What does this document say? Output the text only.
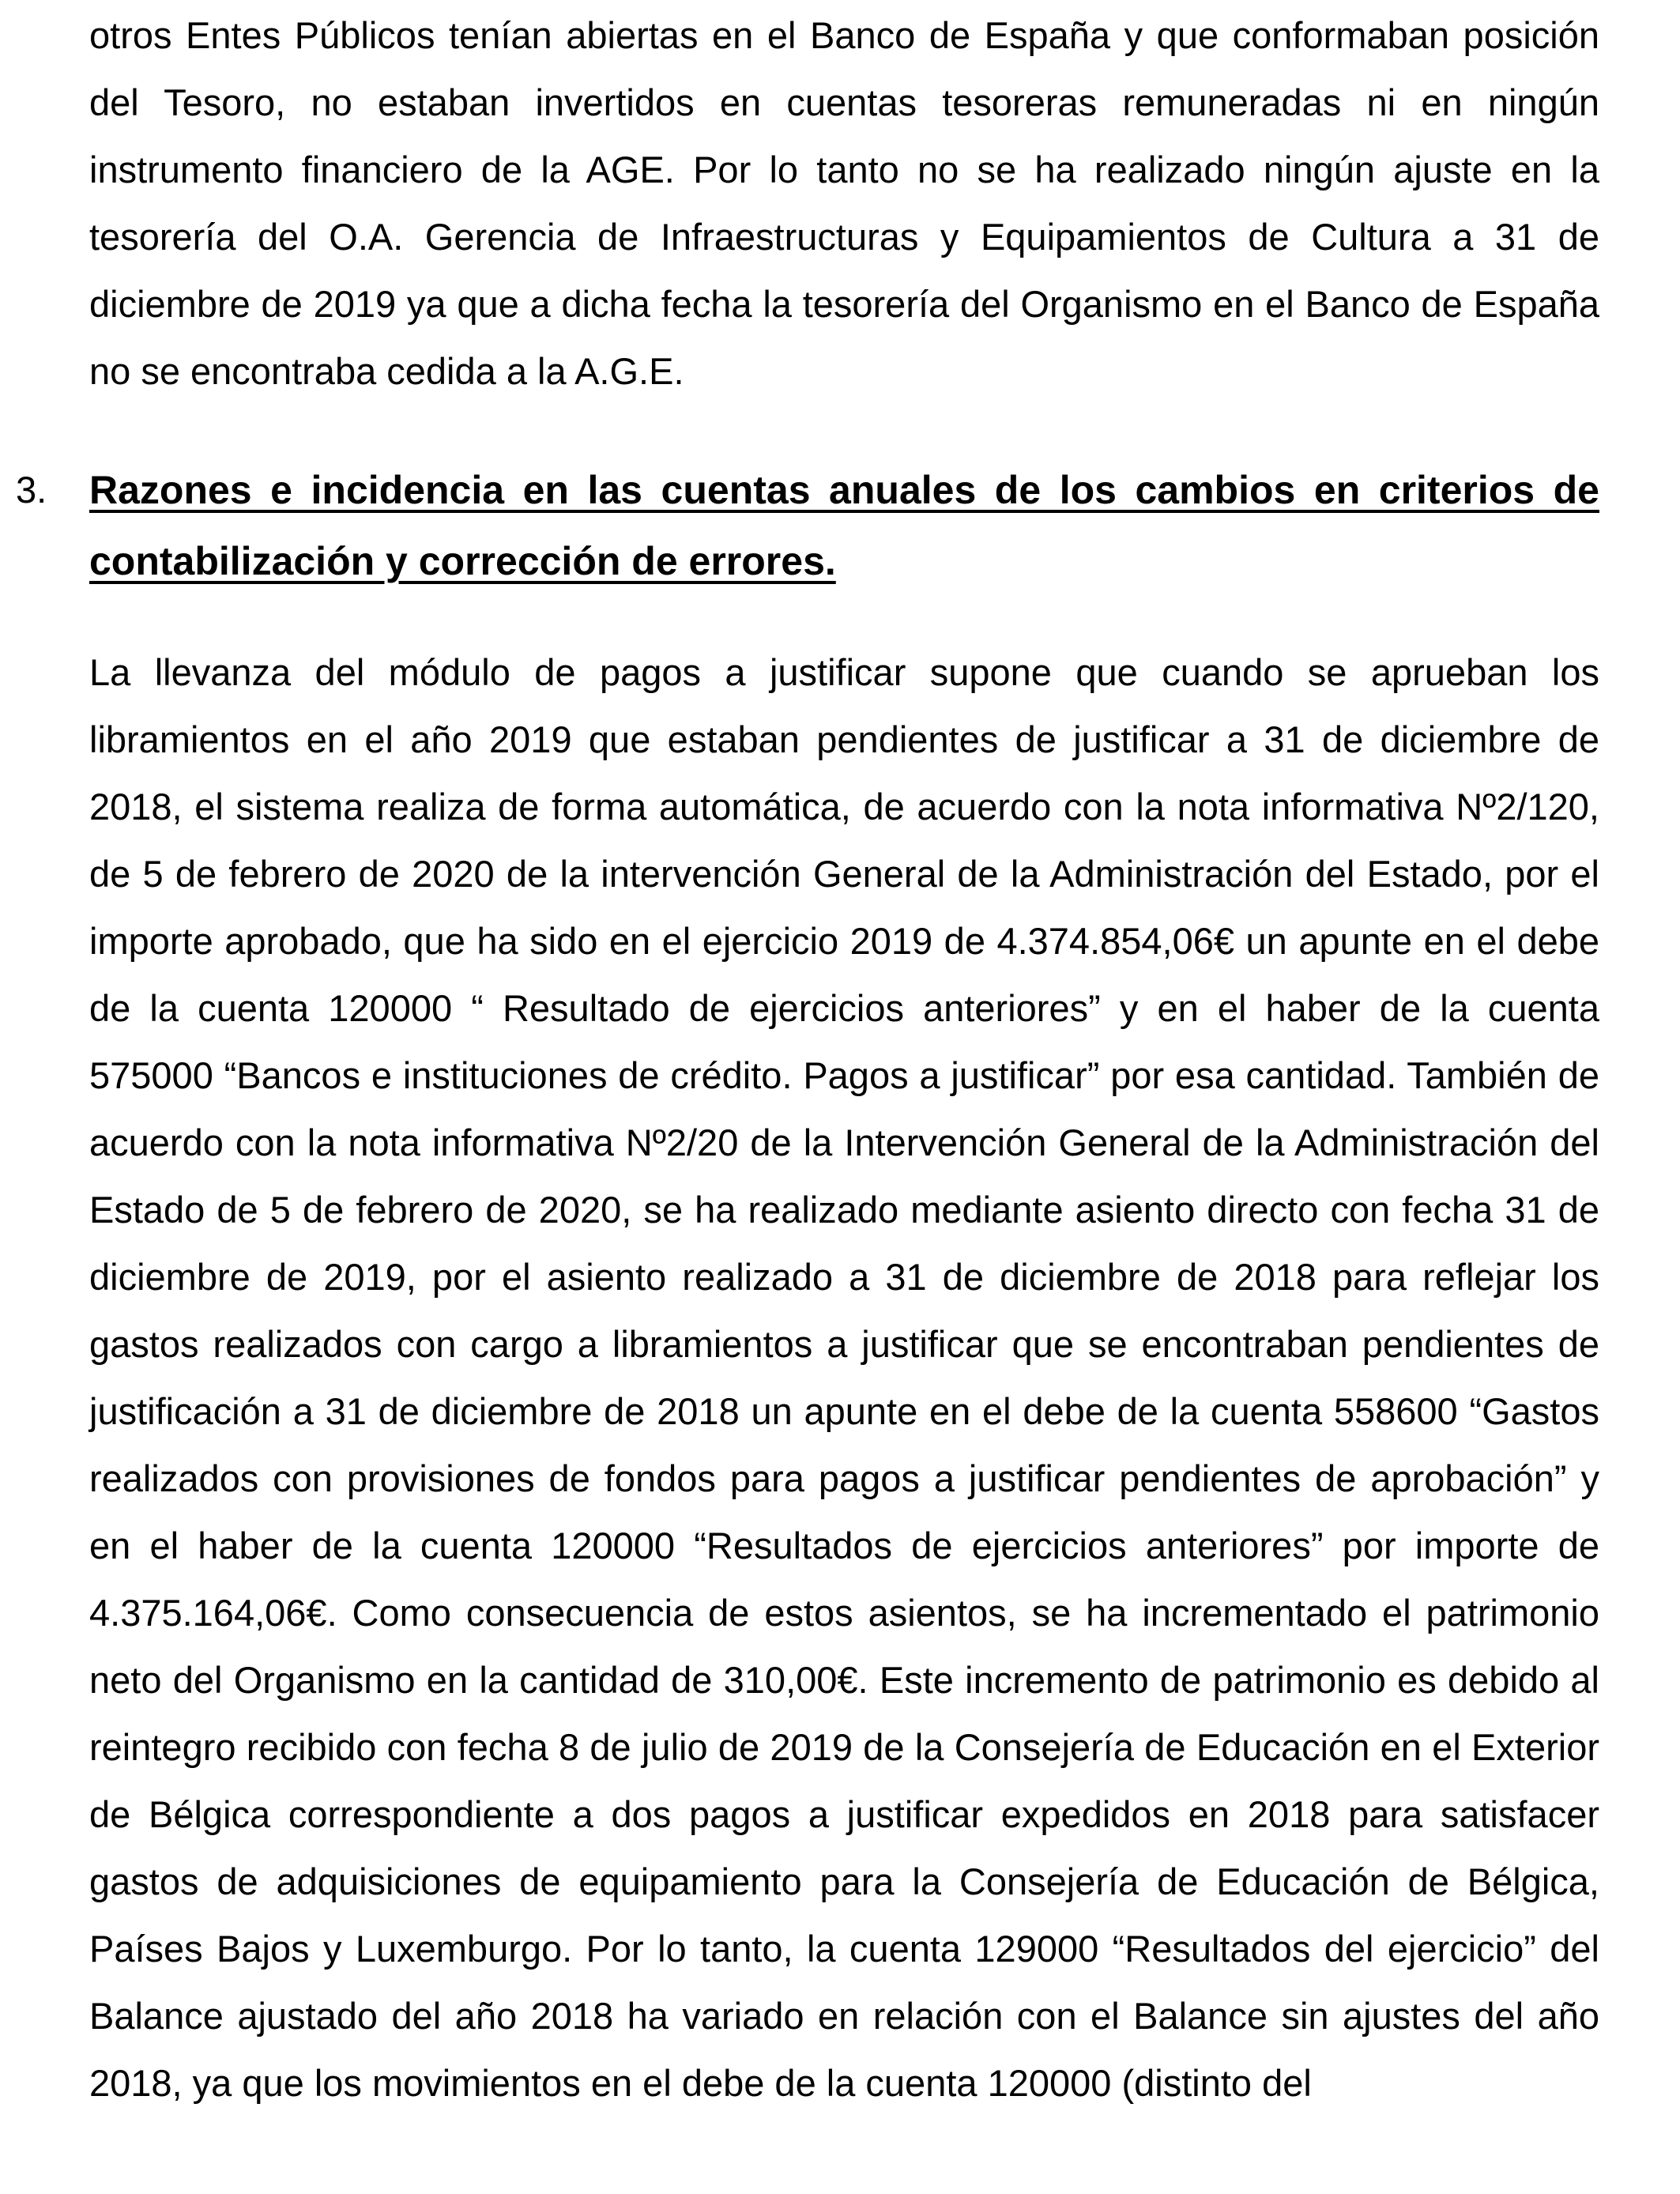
otros Entes Públicos tenían abiertas en el Banco de España y que conformaban posición del Tesoro, no estaban invertidos en cuentas tesoreras remuneradas ni en ningún instrumento financiero de la AGE. Por lo tanto no se ha realizado ningún ajuste en la tesorería del O.A. Gerencia de Infraestructuras y Equipamientos de Cultura a 31 de diciembre de 2019 ya que a dicha fecha la tesorería del Organismo en el Banco de España no se encontraba cedida a la A.G.E.

3. Razones e incidencia en las cuentas anuales de los cambios en criterios de contabilización y corrección de errores.

La llevanza del módulo de pagos a justificar supone que cuando se aprueban los libramientos en el año 2019 que estaban pendientes de justificar a 31 de diciembre de 2018, el sistema realiza de forma automática, de acuerdo con la nota informativa Nº2/120, de 5 de febrero de 2020 de la intervención General de la Administración del Estado, por el importe aprobado, que ha sido en el ejercicio 2019 de 4.374.854,06€ un apunte en el debe de la cuenta 120000 “ Resultado de ejercicios anteriores” y en el haber de la cuenta 575000 “Bancos e instituciones de crédito. Pagos a justificar” por esa cantidad. También de acuerdo con la nota informativa Nº2/20 de la Intervención General de la Administración del Estado de 5 de febrero de 2020, se ha realizado mediante asiento directo con fecha 31 de diciembre de 2019, por el asiento realizado a 31 de diciembre de 2018 para reflejar los gastos realizados con cargo a libramientos a justificar que se encontraban pendientes de justificación a 31 de diciembre de 2018 un apunte en el debe de la cuenta 558600 “Gastos realizados con provisiones de fondos para pagos a justificar pendientes de aprobación” y en el haber de la cuenta 120000 “Resultados de ejercicios anteriores” por importe de 4.375.164,06€. Como consecuencia de estos asientos, se ha incrementado el patrimonio neto del Organismo en la cantidad de 310,00€. Este incremento de patrimonio es debido al reintegro recibido con fecha 8 de julio de 2019 de la Consejería de Educación en el Exterior de Bélgica correspondiente a dos pagos a justificar expedidos en 2018 para satisfacer gastos de adquisiciones de equipamiento para la Consejería de Educación de Bélgica, Países Bajos y Luxemburgo. Por lo tanto, la cuenta 129000 “Resultados del ejercicio” del Balance ajustado del año 2018 ha variado en relación con el Balance sin ajustes del año 2018, ya que los movimientos en el debe de la cuenta 120000 (distinto del
